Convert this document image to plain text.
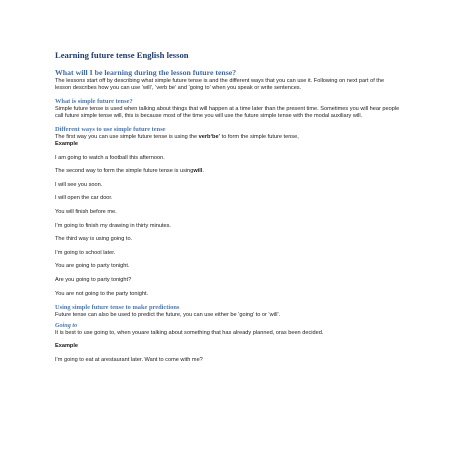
Learning future tense English lesson
What will I be learning during the lesson future tense?

The lessons start off by describing what simple future tense is and the different ways that you can use it. Following on next part of the lesson describes how you can use ‘will’, ‘verb be’ and ‘going to’ when you speak or write sentences.

What is simple future tense?

Simple future tense is used when talking about things that will happen at a time later than the present time. Sometimes you will hear people call future simple tense will, this is because most of the time you will use the future simple tense with the modal auxiliary will.

Different ways to use simple future tense

The first way you can use simple future tense is using the verb‘be’ to form the simple future tense,

Example

I am going to watch a football this afternoon.

The second way to form the simple future tense is usingwill.

I will see you soon.

I will open the car door.

You will finish before me.

I’m going to finish my drawing in thirty minutes.

The third way is using going to.

I’m going to school later.

You are going to party tonight.

Are you going to party tonight?

You are not going to the party tonight.

Using simple future tense to make predictions

Future tense can also be used to predict the future, you can use either be ‘going’ to or ‘will’.

Going to

It is best to use going to, when youare talking about something that has already planned, oras been decided.

Example

I’m going to eat at arestaurant later. Want to come with me?
